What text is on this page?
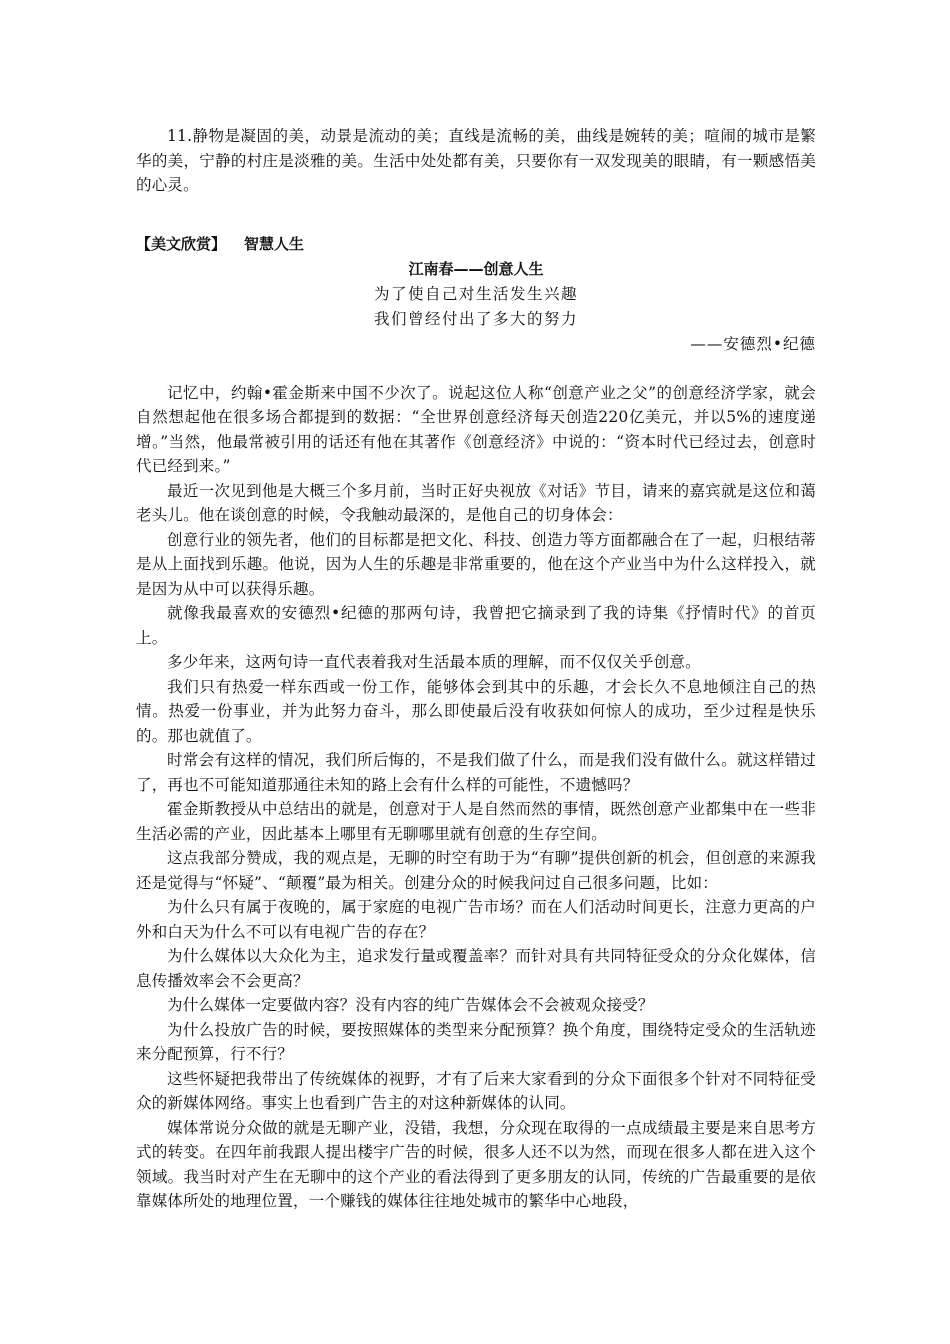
11.静物是凝固的美，动景是流动的美；直线是流畅的美，曲线是婉转的美；喧闹的城市是繁华的美，宁静的村庄是淡雅的美。生活中处处都有美，只要你有一双发现美的眼睛，有一颗感悟美的心灵。

【美文欣赏】 智慧人生

江南春——创意人生

为了使自己对生活发生兴趣

我们曾经付出了多大的努力

——安德烈•纪德

记忆中，约翰•霍金斯来中国不少次了。说起这位人称“创意产业之父”的创意经济学家，就会自然想起他在很多场合都提到的数据：“全世界创意经济每天创造220亿美元，并以5%的速度递增。”当然，他最常被引用的话还有他在其著作《创意经济》中说的：“资本时代已经过去，创意时代已经到来。”

最近一次见到他是大概三个多月前，当时正好央视放《对话》节目，请来的嘉宾就是这位和蔼老头儿。他在谈创意的时候，令我触动最深的，是他自己的切身体会：

创意行业的领先者，他们的目标都是把文化、科技、创造力等方面都融合在了一起，归根结蒂是从上面找到乐趣。他说，因为人生的乐趣是非常重要的，他在这个产业当中为什么这样投入，就是因为从中可以获得乐趣。

就像我最喜欢的安德烈•纪德的那两句诗，我曾把它摘录到了我的诗集《抒情时代》的首页上。

多少年来，这两句诗一直代表着我对生活最本质的理解，而不仅仅关乎创意。

我们只有热爱一样东西或一份工作，能够体会到其中的乐趣，才会长久不息地倾注自己的热情。热爱一份事业，并为此努力奋斗，那么即使最后没有收获如何惊人的成功，至少过程是快乐的。那也就值了。

时常会有这样的情况，我们所后悔的，不是我们做了什么，而是我们没有做什么。就这样错过了，再也不可能知道那通往未知的路上会有什么样的可能性，不遗憾吗？

霍金斯教授从中总结出的就是，创意对于人是自然而然的事情，既然创意产业都集中在一些非生活必需的产业，因此基本上哪里有无聊哪里就有创意的生存空间。

这点我部分赞成，我的观点是，无聊的时空有助于为“有聊”提供创新的机会，但创意的来源我还是觉得与“怀疑”、“颠覆”最为相关。创建分众的时候我问过自己很多问题，比如：

为什么只有属于夜晚的，属于家庭的电视广告市场？而在人们活动时间更长，注意力更高的户外和白天为什么不可以有电视广告的存在？

为什么媒体以大众化为主，追求发行量或覆盖率？而针对具有共同特征受众的分众化媒体，信息传播效率会不会更高？

为什么媒体一定要做内容？没有内容的纯广告媒体会不会被观众接受？

为什么投放广告的时候，要按照媒体的类型来分配预算？换个角度，围绕特定受众的生活轨迹来分配预算，行不行？

这些怀疑把我带出了传统媒体的视野，才有了后来大家看到的分众下面很多个针对不同特征受众的新媒体网络。事实上也看到广告主的对这种新媒体的认同。

媒体常说分众做的就是无聊产业，没错，我想，分众现在取得的一点成绩最主要是来自思考方式的转变。在四年前我跟人提出楼宇广告的时候，很多人还不以为然，而现在很多人都在进入这个领域。我当时对产生在无聊中的这个产业的看法得到了更多朋友的认同，传统的广告最重要的是依靠媒体所处的地理位置，一个赚钱的媒体往往地处城市的繁华中心地段，
